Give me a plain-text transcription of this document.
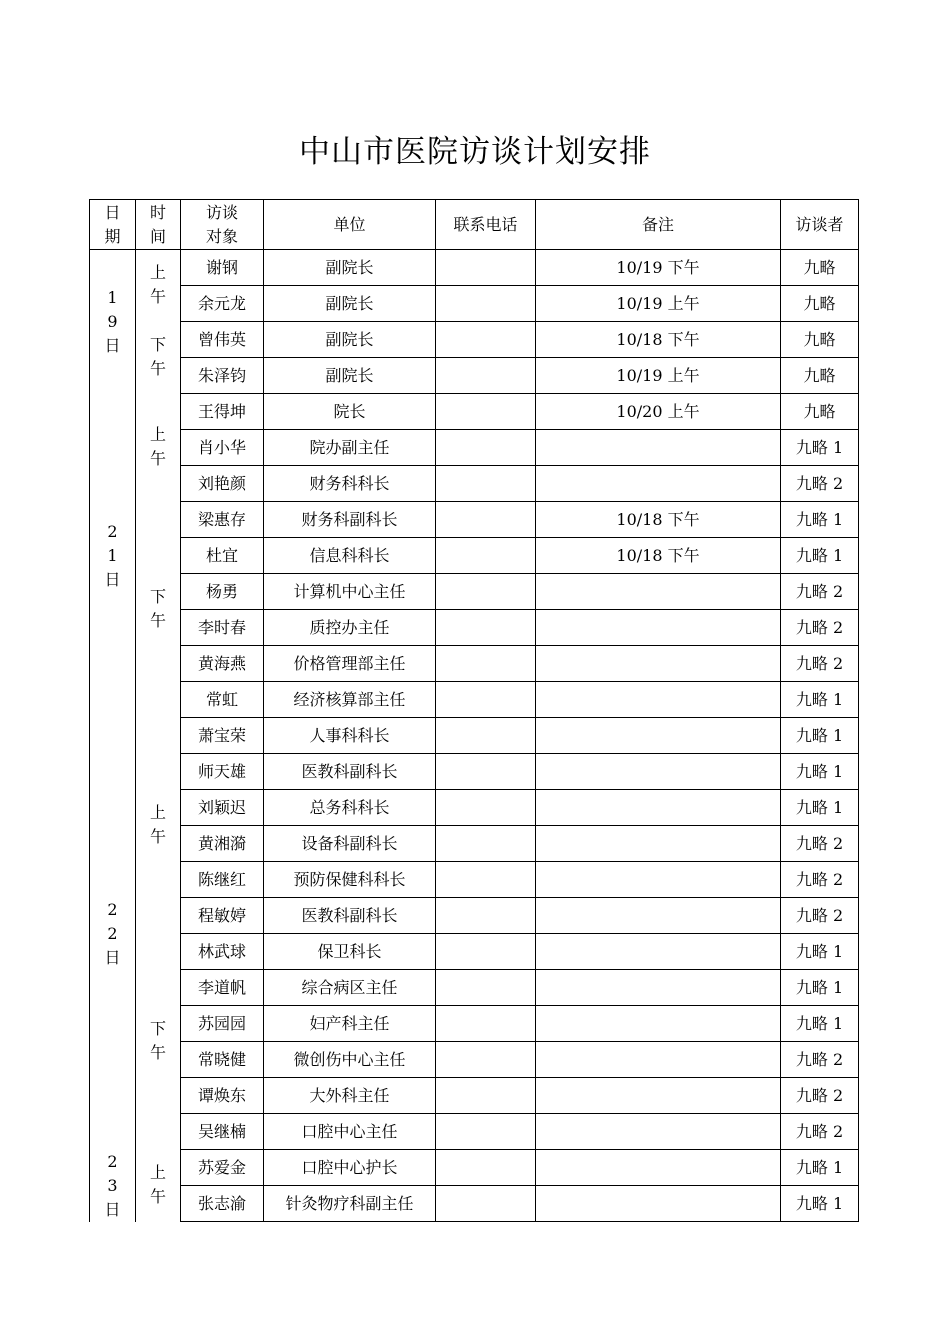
中山市医院访谈计划安排
日期	时间	访谈对象	单位	联系电话	备注	访谈者
19日	上午	谢钢	副院长		10/19 下午	九略
		余元龙	副院长		10/19 上午	九略
	下午	曾伟英	副院长		10/18 下午	九略
		朱泽钧	副院长		10/19 上午	九略
21日	上午	王得坤	院长		10/20 上午	九略
		肖小华	院办副主任			九略 1
		刘艳颜	财务科科长			九略 2
	下午	梁惠存	财务科副科长		10/18 下午	九略 1
		杜宜	信息科科长		10/18 下午	九略 1
		杨勇	计算机中心主任			九略 2
		李时春	质控办主任			九略 2
		黄海燕	价格管理部主任			九略 2
		常虹	经济核算部主任			九略 1
22日	上午	萧宝荣	人事科科长			九略 1
		师天雄	医教科副科长			九略 1
		刘颖迟	总务科科长			九略 1
		黄湘漪	设备科副科长			九略 2
		陈继红	预防保健科科长			九略 2
		程敏婷	医教科副科长			九略 2
	下午	林武球	保卫科长			九略 1
		李道帆	综合病区主任			九略 1
		苏园园	妇产科主任			九略 1
		常晓健	微创伤中心主任			九略 2
		谭焕东	大外科主任			九略 2
		吴继楠	口腔中心主任			九略 2
23日	上午	苏爱金	口腔中心护长			九略 1
		张志渝	针灸物疗科副主任			九略 1
